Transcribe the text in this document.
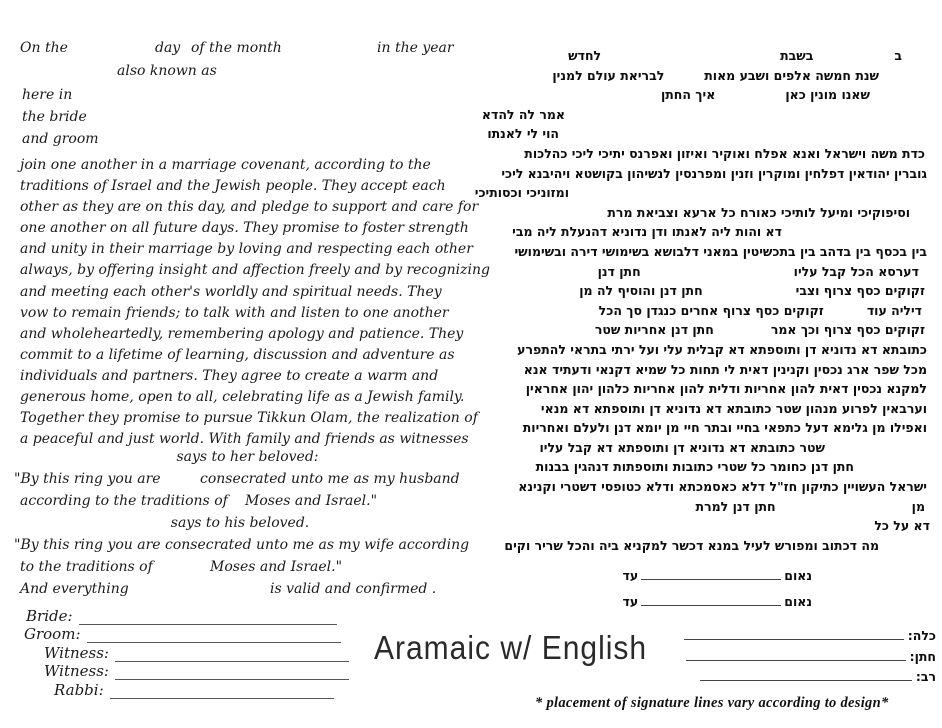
On the	day of the month	in the year
also known as
here in
the bride
and groom
join one another in a marriage covenant, according to the
traditions of Israel and the Jewish people. They accept each
other as they are on this day, and pledge to support and care for
one another on all future days. They promise to foster strength
and unity in their marriage by loving and respecting each other
always, by offering insight and affection freely and by recognizing
and meeting each other's worldly and spiritual needs. They
vow to remain friends; to talk with and listen to one another
and wholeheartedly, remembering apology and patience. They
commit to a lifetime of learning, discussion and adventure as
individuals and partners. They agree to create a warm and
generous home, open to all, celebrating life as a Jewish family.
Together they promise to pursue Tikkun Olam, the realization of
a peaceful and just world. With family and friends as witnesses
says to her beloved:
"By this ring you are	consecrated unto me as my husband
according to the traditions of Moses and Israel."
says to his beloved.
"By this ring you are consecrated unto me as my wife according
to the traditions of	Moses and Israel."
And everything	is valid and confirmed .
Bride:
Groom:
Witness:
Witness:
Rabbi:
בבשבתלחדש
שנת חמשה אלפים ושבע מאותלבריאת עולם למנין
שאנו מונין כאןאיך החתן
אמר לה להדא
הוי לי לאנתו
כדת משה וישראל ואנא אפלח ואוקיר ואיזון ואפרנס יתיכי ליכי כהלכות
גוברין יהודאין דפלחין ומוקרין וזנין ומפרנסין לנשיהון בקושטא ויהיבנא ליכי
ומזוניכי וכסותיכי
וסיפוקיכי ומיעל לותיכי כאורח כל ארעא וצביאת מרת
דא והות ליה לאנתו ודן נדוניא דהנעלת ליה מבי
בין בכסף בין בדהב בין בתכשיטין במאני דלבושא בשימושי דירה ובשימושי
דערסא הכל קבל עליוחתן דנן
זקוקים כסף צרוף וצביחתן דנן והוסיף לה מן
דיליה עודזקוקים כסף צרוף אחרים כנגדן סך הכל
זקוקים כסף צרוף וכך אמרחתן דנן אחריות שטר
כתובתא דא נדוניא דן ותוספתא דא קבלית עלי ועל ירתי בתראי להתפרע
מכל שפר ארג נכסין וקנינין דאית לי תחות כל שמיא דקנאי ודעתיד אנא
למקנא נכסין דאית להון אחריות ודלית להון אחריות כלהון יהון אחראין
וערבאין לפרוע מנהון שטר כתובתא דא נדוניא דן ותוספתא דא מנאי
ואפילו מן גלימא דעל כתפאי בחיי ובתר חיי מן יומא דנן ולעלם ואחריות
שטר כתובתא דא נדוניא דן ותוספתא דא קבל עליו
חתן דנן כחומר כל שטרי כתובות ותוספתות דנהגין בבנות
ישראל העשויין כתיקון חז"ל דלא כאסמכתא ודלא כטופסי דשטרי וקנינא
מןחתן דנן למרת
דא על כל
מה דכתוב ומפורש לעיל במנא דכשר למקניא ביה והכל שריר וקים
נאוםעד
נאוםעד
כלה:
חתן:
רב:
Aramaic w/ English
* placement of signature lines vary according to design*
